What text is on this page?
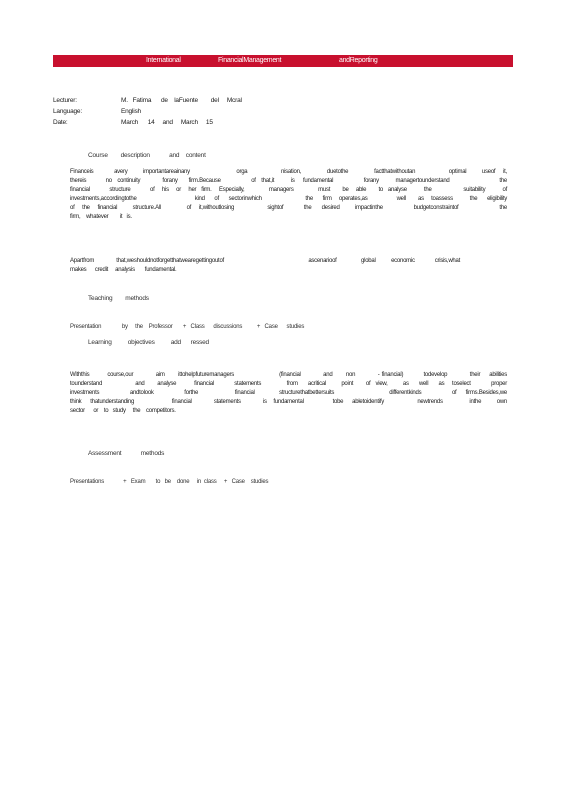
International	FinancialManagement	andReporting
Lecturer:	M.   Fatima      de    laFuente        del     Mcral
Language:	English
Date:	March      14     and     March     15
Course        description            and    content
Financeis        avery      importantareainany                  orga             nisation,          duetothe          factthatwithoutan             optimal      useof   it,
thereis       no  continuity        forany    firm.Because           of  that,it      is   fundamental           forany      managertounderstand                  the
financial        structure        of   his   or   her  firm.   Especially,          managers          must     be   able     to  analyse       the             suitability       of
investments,accordingtothe                        kind    of    sectorinwhich                  the    firm   operates,as            well     as   toassess       the    eligibility
of   the   financial      structure.All          of   it,withoutlosing             sightof        the    desired      impactinthe            budgetconstraintof                the
firm,    whatever        it   is.
Apartfrom          that,weshouldnotforgetthatwearegettingoutof                                      ascenarioof           global       economic         crisis,what
makes      credit     analysis       fundamental.
Teaching        methods
Presentation              by     the    Professor       +   Class      discussions          +   Case      studies
Learning          objectives          add      ressed
Withthis        course,our          aim      ittohelpfuturemanagers                    (financial          and      non          - financial)         todevelop          their    abilities
tounderstand             and     analyse       financial        statements          from    acritical      point     of  view,      as    well    as   toselect        proper
investments          andtolook          forthe            financial        structurethatbettersuits                  differentkinds          of   firms.Besides,we
think    thatunderstanding                 financial          statements          is   fundamental             tobe    abletoidentify               newtrends            inthe       own
sector      or    to   study     the    competitors.
Assessment            methods
Presentations             +   Exam       to   be    done     in  class     +   Case    studies
